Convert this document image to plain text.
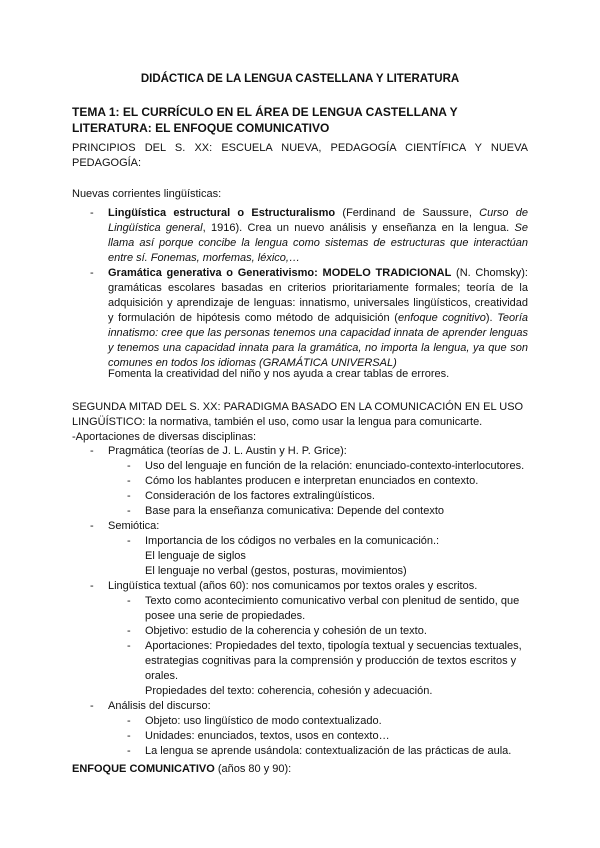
DIDÁCTICA DE LA LENGUA CASTELLANA Y LITERATURA
TEMA 1: EL CURRÍCULO EN EL ÁREA DE LENGUA CASTELLANA Y LITERATURA: EL ENFOQUE COMUNICATIVO
PRINCIPIOS DEL S. XX: ESCUELA NUEVA, PEDAGOGÍA CIENTÍFICA Y NUEVA PEDAGOGÍA:
Nuevas corrientes lingüísticas:
- Lingüística estructural o Estructuralismo (Ferdinand de Saussure, Curso de Lingüística general, 1916). Crea un nuevo análisis y enseñanza en la lengua. Se llama así porque concibe la lengua como sistemas de estructuras que interactúan entre sí. Fonemas, morfemas, léxico,…

- Gramática generativa o Generativismo: MODELO TRADICIONAL (N. Chomsky): gramáticas escolares basadas en criterios prioritariamente formales; teoría de la adquisición y aprendizaje de lenguas: innatismo, universales lingüísticos, creatividad y formulación de hipótesis como método de adquisición (enfoque cognitivo). Teoría innatismo: cree que las personas tenemos una capacidad innata de aprender lenguas y tenemos una capacidad innata para la gramática, no importa la lengua, ya que son comunes en todos los idiomas (GRAMÁTICA UNIVERSAL)

Fomenta la creatividad del niño y nos ayuda a crear tablas de errores.
SEGUNDA MITAD DEL S. XX: PARADIGMA BASADO EN LA COMUNICACIÓN EN EL USO LINGÜÍSTICO: la normativa, también el uso, como usar la lengua para comunicarte.
-Aportaciones de diversas disciplinas:
- Pragmática (teorías de J. L. Austin y H. P. Grice):
- Uso del lenguaje en función de la relación: enunciado-contexto-interlocutores.
- Cómo los hablantes producen e interpretan enunciados en contexto.
- Consideración de los factores extralingüísticos.
- Base para la enseñanza comunicativa: Depende del contexto
- Semiótica:
- Importancia de los códigos no verbales en la comunicación.:
El lenguaje de siglos
El lenguaje no verbal (gestos, posturas, movimientos)
- Lingüística textual (años 60): nos comunicamos por textos orales y escritos.
- Texto como acontecimiento comunicativo verbal con plenitud de sentido, que posee una serie de propiedades.
- Objetivo: estudio de la coherencia y cohesión de un texto.
- Aportaciones: Propiedades del texto, tipología textual y secuencias textuales, estrategias cognitivas para la comprensión y producción de textos escritos y orales.
Propiedades del texto: coherencia, cohesión y adecuación.
- Análisis del discurso:
- Objeto: uso lingüístico de modo contextualizado.
- Unidades: enunciados, textos, usos en contexto…
- La lengua se aprende usándola: contextualización de las prácticas de aula.
ENFOQUE COMUNICATIVO (años 80 y 90):
